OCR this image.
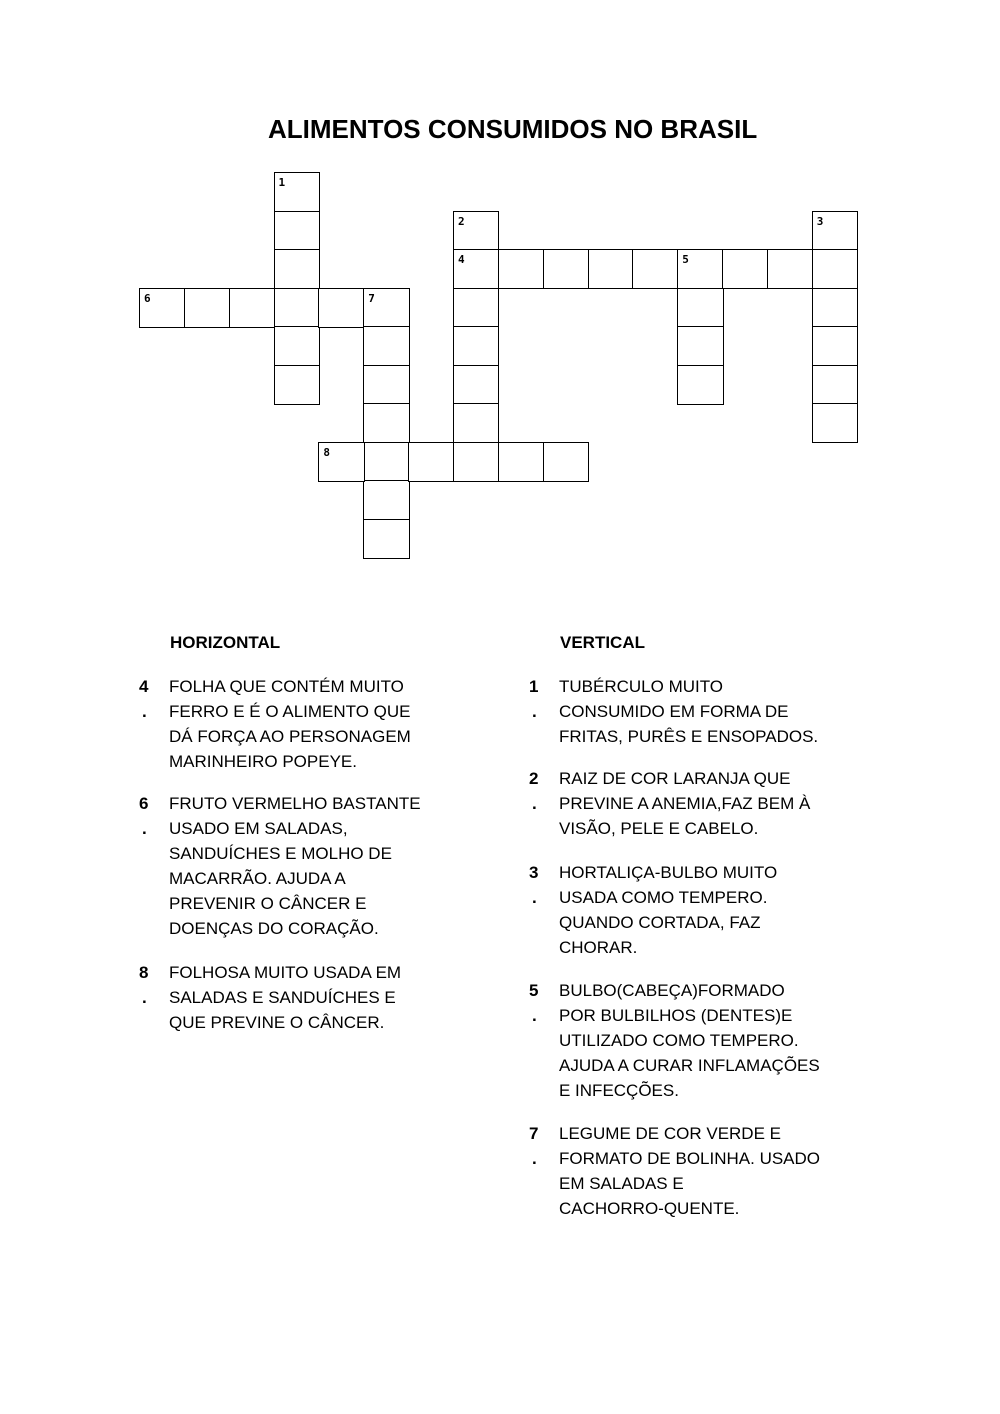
ALIMENTOS CONSUMIDOS NO BRASIL
1
2
4
3
5
6	7
8
HORIZONTAL
4
.
FOLHA QUE CONTÉM MUITO
FERRO E É O ALIMENTO QUE
DÁ FORÇA AO PERSONAGEM
MARINHEIRO POPEYE.
6
.
FRUTO VERMELHO BASTANTE
USADO EM SALADAS,
SANDUÍCHES E MOLHO DE
MACARRÃO. AJUDA A
PREVENIR O CÂNCER E
DOENÇAS DO CORAÇÃO.
8
.
FOLHOSA MUITO USADA EM
SALADAS E SANDUÍCHES E
QUE PREVINE O CÂNCER.
VERTICAL
1
.
TUBÉRCULO MUITO
CONSUMIDO EM FORMA DE
FRITAS, PURÊS E ENSOPADOS.
2
.
RAIZ DE COR LARANJA QUE
PREVINE A ANEMIA,FAZ BEM À
VISÃO, PELE E CABELO.
3
.
HORTALIÇA-BULBO MUITO
USADA COMO TEMPERO.
QUANDO CORTADA, FAZ
CHORAR.
5
.
BULBO(CABEÇA)FORMADO
POR BULBILHOS (DENTES)E
UTILIZADO COMO TEMPERO.
AJUDA A CURAR INFLAMAÇÕES
E INFECÇÕES.
7
.
LEGUME DE COR VERDE E
FORMATO DE BOLINHA. USADO
EM SALADAS E
CACHORRO-QUENTE.
